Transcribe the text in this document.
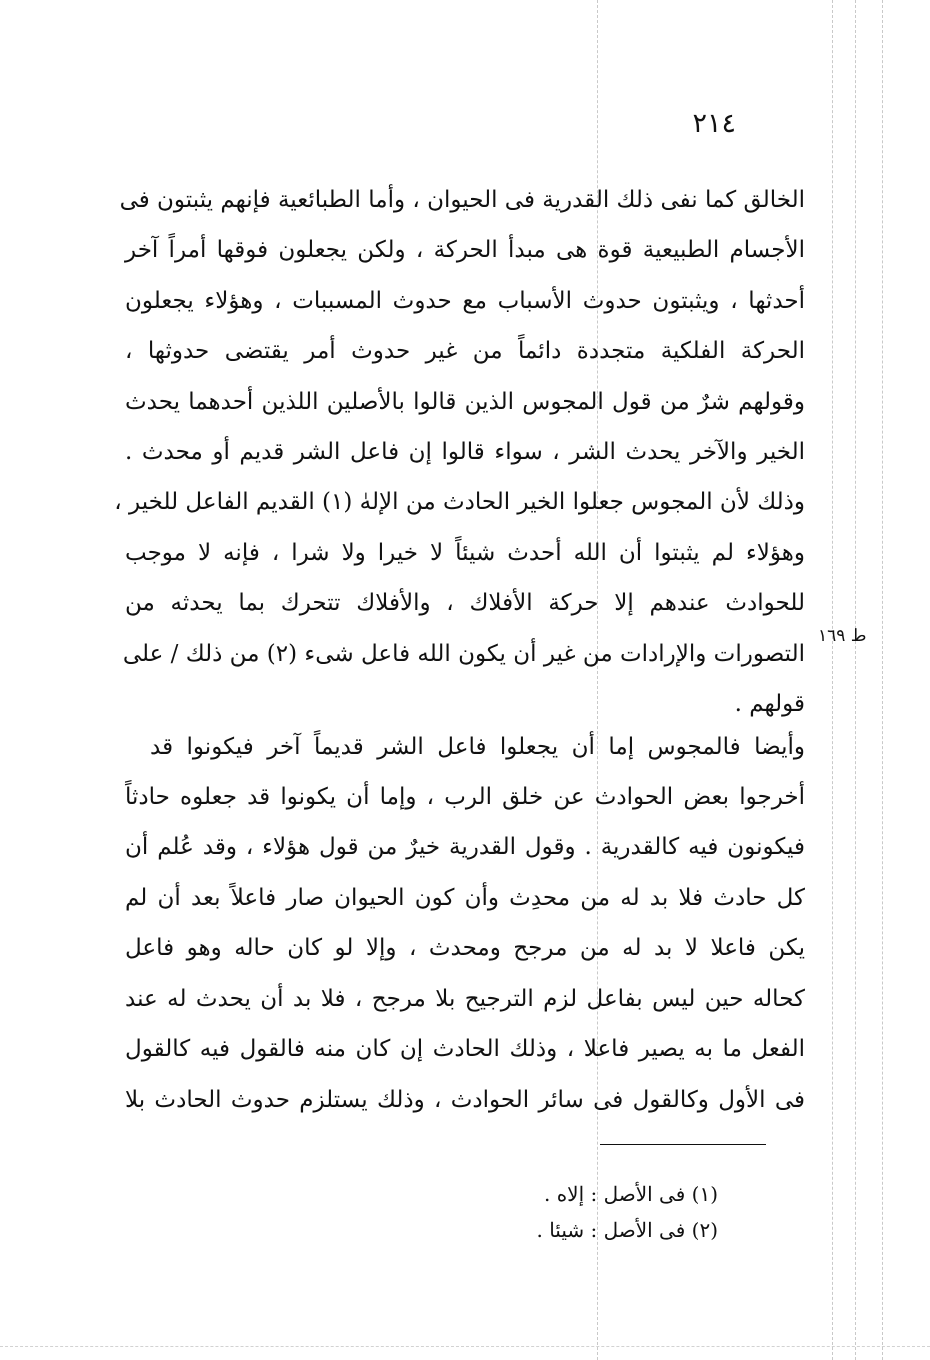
٢١٤
ط ١٦٩
الخالق كما نفى ذلك القدرية فى الحيوان ، وأما الطبائعية فإنهم يثبتون فى
الأجسام الطبيعية قوة هى مبدأ الحركة ، ولكن يجعلون فوقها أمراً آخر
أحدثها ، ويثبتون حدوث الأسباب مع حدوث المسببات ، وهؤلاء يجعلون
الحركة الفلكية متجددة دائماً من غير حدوث أمر يقتضى حدوثها ،
وقولهم شرٌ من قول المجوس الذين قالوا بالأصلين اللذين أحدهما يحدث
الخير والآخر يحدث الشر ، سواء قالوا إن فاعل الشر قديم أو محدث .
وذلك لأن المجوس جعلوا الخير الحادث من الإلهٰ (١) القديم الفاعل للخير ،
وهؤلاء لم يثبتوا أن الله أحدث شيئاً لا خيرا ولا شرا ، فإنه لا موجب
للحوادث عندهم إلا حركة الأفلاك ، والأفلاك تتحرك بما يحدثه من
التصورات والإرادات من غير أن يكون الله فاعل شىء (٢) من ذلك / على
قولهم .
وأيضا فالمجوس إما أن يجعلوا فاعل الشر قديماً آخر فيكونوا قد
أخرجوا بعض الحوادث عن خلق الرب ، وإما أن يكونوا قد جعلوه حادثاً
فيكونون فيه كالقدرية . وقول القدرية خيرٌ من قول هؤلاء ، وقد عُلم أن
كل حادث فلا بد له من محدِث وأن كون الحيوان صار فاعلاً بعد أن لم
يكن فاعلا لا بد له من مرجح ومحدث ، وإلا لو كان حاله وهو فاعل
كحاله حين ليس بفاعل لزم الترجيح بلا مرجح ، فلا بد أن يحدث له عند
الفعل ما به يصير فاعلا ، وذلك الحادث إن كان منه فالقول فيه كالقول
فى الأول وكالقول فى سائر الحوادث ، وذلك يستلزم حدوث الحادث بلا
(١) فى الأصل : إلاه .
(٢) فى الأصل : شيئا .
